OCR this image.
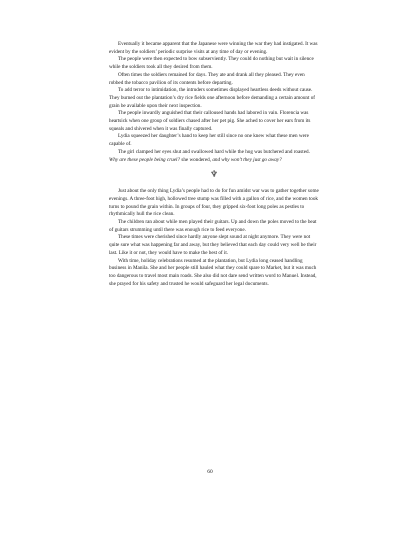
Eventually it became apparent that the Japanese were winning the war they had instigated. It was evident by the soldiers’ periodic surprise visits at any time of day or evening.

The people were then expected to bow subserviently. They could do nothing but wait in silence while the soldiers took all they desired from them.

Often times the soldiers remained for days. They ate and drank all they pleased. They even robbed the tobacco pavilion of its contents before departing.

To add terror to intimidation, the intruders sometimes displayed heartless deeds without cause. They burned out the plantation’s dry rice fields one afternoon before demanding a certain amount of grain be available upon their next inspection.

The people inwardly anguished that their calloused hands had labored in vain. Florencia was heartsick when one group of soldiers chased after her pet pig. She ached to cover her ears from its squeals and shivered when it was finally captured.

Lydia squeezed her daughter’s hand to keep her still since no one knew what these men were capable of.

The girl clamped her eyes shut and swallowed hard while the hog was butchered and roasted. Why are these people being cruel? she wondered, and why won’t they just go away?

♆

Just about the only thing Lydia’s people had to do for fun amidst war was to gather together some evenings. A three-foot high, hollowed tree stump was filled with a gallon of rice, and the women took turns to pound the grain within. In groups of four, they gripped six-foot long poles as pestles to rhythmically hull the rice clean.

The children ran about while men played their guitars. Up and down the poles moved to the beat of guitars strumming until there was enough rice to feed everyone.

These times were cherished since hardly anyone slept sound at night anymore. They were not quite sure what was happening far and away, but they believed that each day could very well be their last. Like it or not, they would have to make the best of it.

With time, holiday celebrations resumed at the plantation, but Lydia long ceased handling business in Manila. She and her people still hauled what they could spare to Market, but it was much too dangerous to travel most main roads. She also did not dare send written word to Manuel. Instead, she prayed for his safety and trusted he would safeguard her legal documents.

60
